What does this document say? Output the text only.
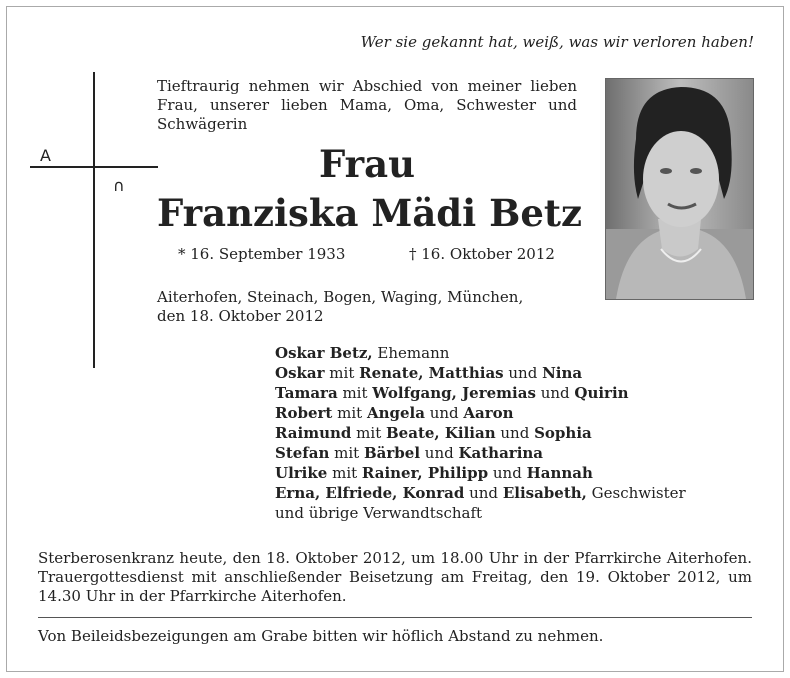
Wer sie gekannt hat, weiß, was wir verloren haben!
A
∩
Tieftraurig nehmen wir Abschied von meiner lieben Frau, unserer lieben Mama, Oma, Schwester und Schwägerin
Frau
Franziska Mädi Betz
* 16. September 1933	† 16. Oktober 2012
Aiterhofen, Steinach, Bogen, Waging, München,
den 18. Oktober 2012
Oskar Betz, Ehemann
Oskar mit Renate, Matthias und Nina
Tamara mit Wolfgang, Jeremias und Quirin
Robert mit Angela und Aaron
Raimund mit Beate, Kilian und Sophia
Stefan mit Bärbel und Katharina
Ulrike mit Rainer, Philipp und Hannah
Erna, Elfriede, Konrad und Elisabeth, Geschwister
und übrige Verwandtschaft
Sterberosenkranz heute, den 18. Oktober 2012, um 18.00 Uhr in der Pfarrkirche Aiterhofen. Trauergottesdienst mit anschließender Beisetzung am Freitag, den 19. Oktober 2012, um 14.30 Uhr in der Pfarrkirche Aiterhofen.
Von Beileidsbezeigungen am Grabe bitten wir höflich Abstand zu nehmen.
